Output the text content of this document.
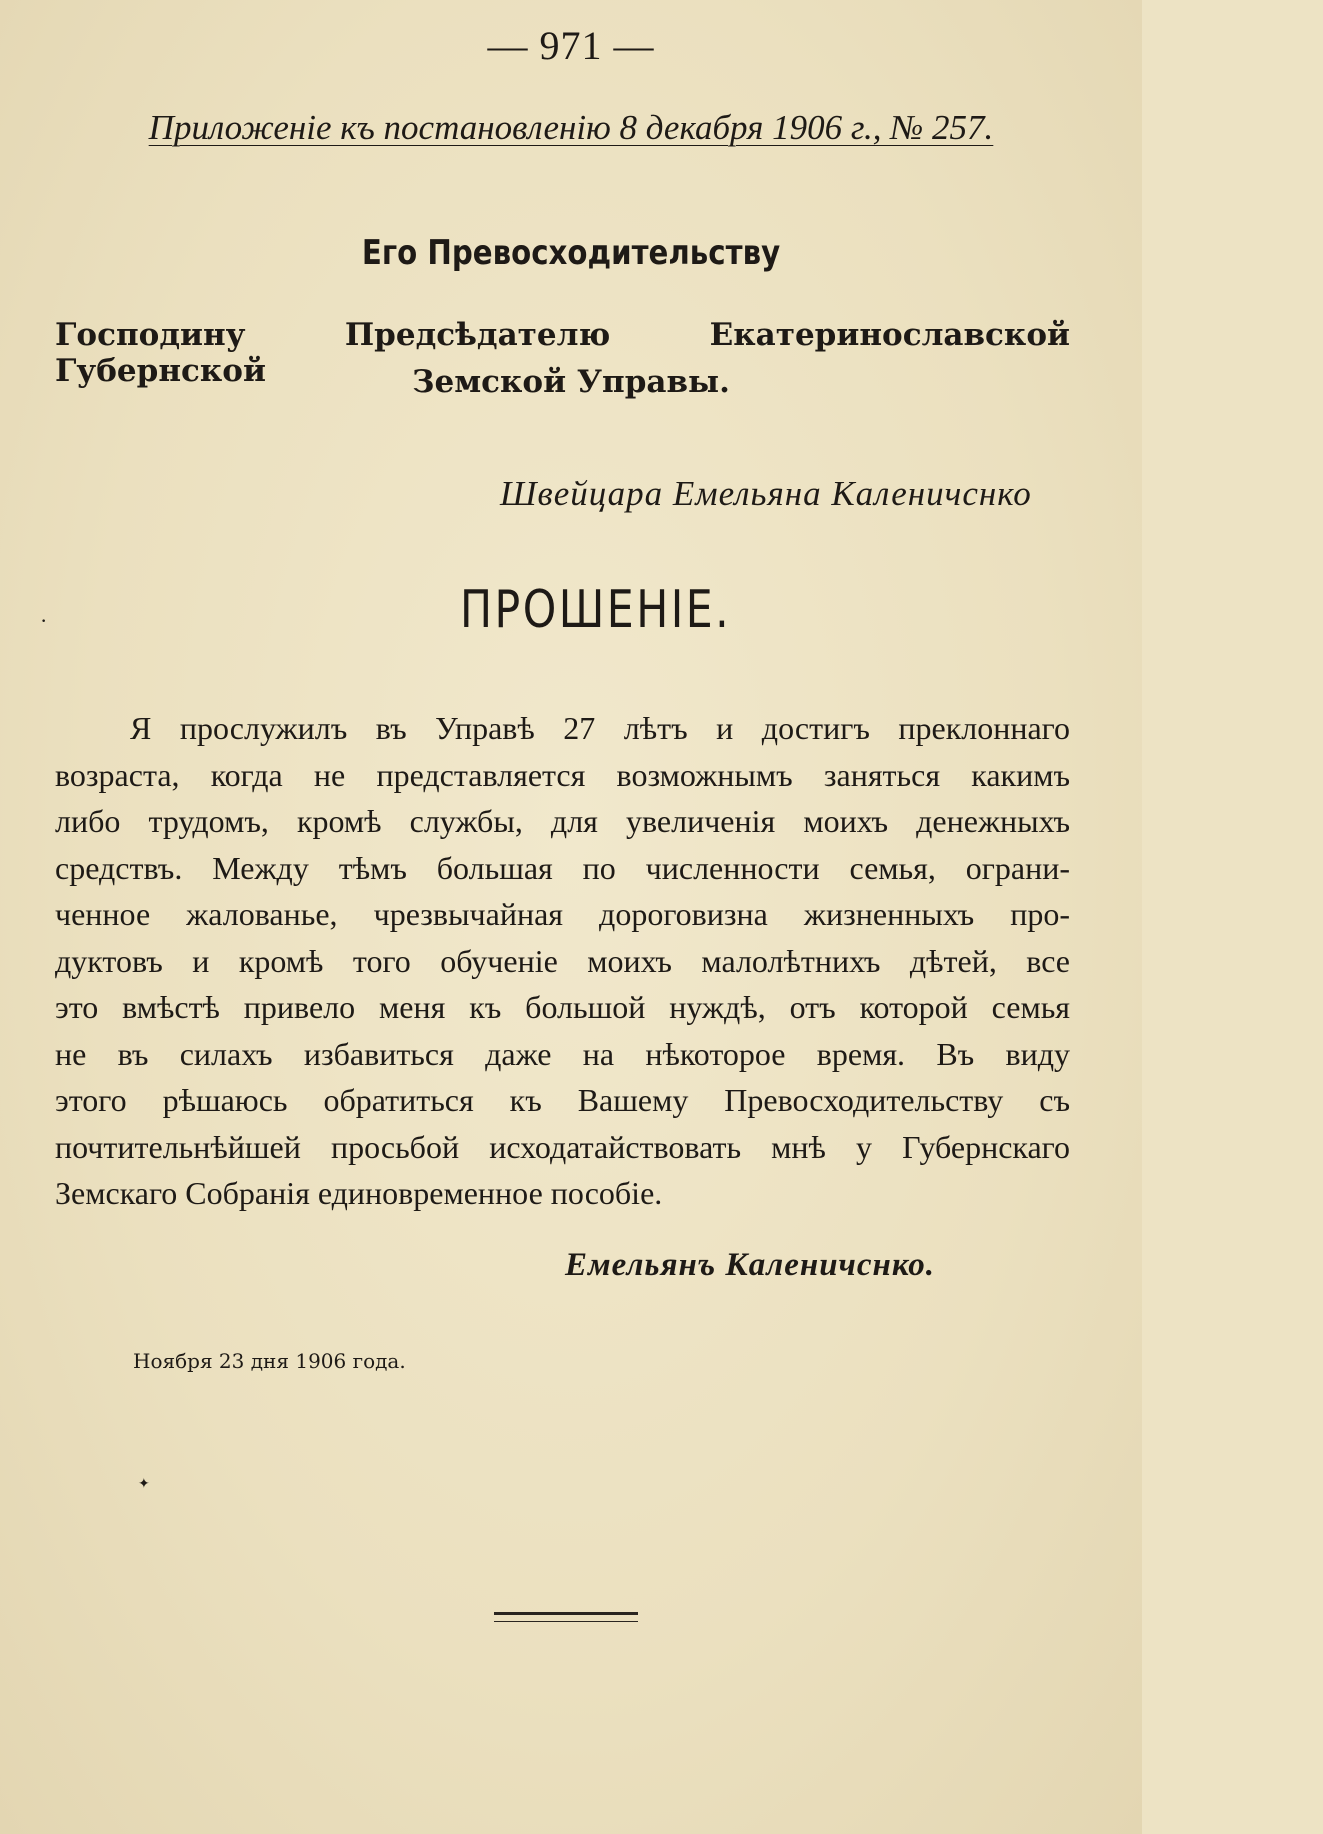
⠀⠀⠀⠀⠀⠀⠀⠀⠀⠀⠀⠀⠀⠀⠀⠀⠀⠀⠀⠀⠀⠀⠀⠀⠀⠀⠀⠀⠀⠀⠀⠀⠀⠀⠀⠀⠀⠀⠀⠀⠀⠀⠀⠀⠀⠀⠀⠀
— 971 —
Приложеніе къ постановленію 8 декабря 1906 г., № 257.
Его Превосходительству
Господину Предсѣдателю Екатеринославской Губернской	Земской Управы.
Швейцара Емельяна Каленичснко
·	ПРОШЕНІЕ.
Я прослужилъ въ Управѣ 27 лѣтъ и достигъ преклоннаго
возраста, когда не представляется возможнымъ заняться какимъ
либо трудомъ, кромѣ службы, для увеличенія моихъ денежныхъ
средствъ. Между тѣмъ большая по численности семья, ограни-
ченное жалованье, чрезвычайная дороговизна жизненныхъ про-
дуктовъ и кромѣ того обученіе моихъ малолѣтнихъ дѣтей, все
это вмѣстѣ привело меня къ большой нуждѣ, отъ которой семья
не въ силахъ избавиться даже на нѣкоторое время. Въ виду
этого рѣшаюсь обратиться къ Вашему Превосходительству съ
почтительнѣйшей просьбой исходатайствовать мнѣ у Губернскаго
Земскаго Собранія единовременное пособіе.
Емельянъ Каленичснко.
Ноября 23 дня 1906 года.
✦
